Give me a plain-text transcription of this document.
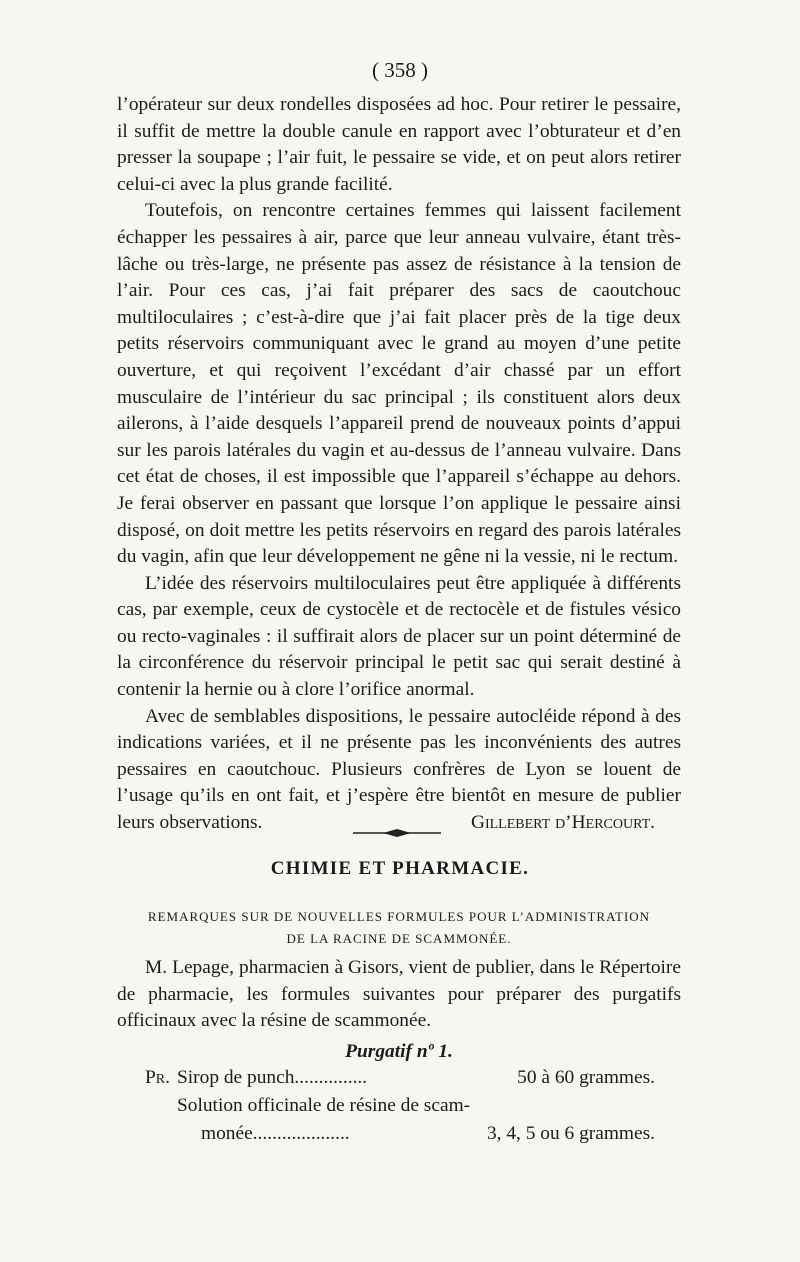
( 358 )

l’opérateur sur deux rondelles disposées ad hoc. Pour retirer le pessaire, il suffit de mettre la double canule en rapport avec l’obturateur et d’en presser la soupape ; l’air fuit, le pessaire se vide, et on peut alors retirer celui-ci avec la plus grande facilité.

Toutefois, on rencontre certaines femmes qui laissent facilement échapper les pessaires à air, parce que leur anneau vulvaire, étant très-lâche ou très-large, ne présente pas assez de résistance à la tension de l’air. Pour ces cas, j’ai fait préparer des sacs de caoutchouc multiloculaires ; c’est-à-dire que j’ai fait placer près de la tige deux petits réservoirs communiquant avec le grand au moyen d’une petite ouverture, et qui reçoivent l’excédant d’air chassé par un effort musculaire de l’intérieur du sac principal ; ils constituent alors deux ailerons, à l’aide desquels l’appareil prend de nouveaux points d’appui sur les parois latérales du vagin et au-dessus de l’anneau vulvaire. Dans cet état de choses, il est impossible que l’appareil s’échappe au dehors. Je ferai observer en passant que lorsque l’on applique le pessaire ainsi disposé, on doit mettre les petits réservoirs en regard des parois latérales du vagin, afin que leur développement ne gêne ni la vessie, ni le rectum.

L’idée des réservoirs multiloculaires peut être appliquée à différents cas, par exemple, ceux de cystocèle et de rectocèle et de fistules vésico ou recto-vaginales : il suffirait alors de placer sur un point déterminé de la circonférence du réservoir principal le petit sac qui serait destiné à contenir la hernie ou à clore l’orifice anormal.

Avec de semblables dispositions, le pessaire autocléide répond à des indications variées, et il ne présente pas les inconvénients des autres pessaires en caoutchouc. Plusieurs confrères de Lyon se louent de l’usage qu’ils en ont fait, et j’espère être bientôt en mesure de publier leurs observations.	Gillebert d’Hercourt.

CHIMIE ET PHARMACIE.
REMARQUES SUR DE NOUVELLES FORMULES POUR L’ADMINISTRATION
DE LA RACINE DE SCAMMONÉE.

M. Lepage, pharmacien à Gisors, vient de publier, dans le Répertoire de pharmacie, les formules suivantes pour préparer des purgatifs officinaux avec la résine de scammonée.

Purgatif nº 1.
Pr. Sirop de punch...............	50 à 60 grammes.
Solution officinale de résine de scam-
monée....................	3, 4, 5 ou 6 grammes.
